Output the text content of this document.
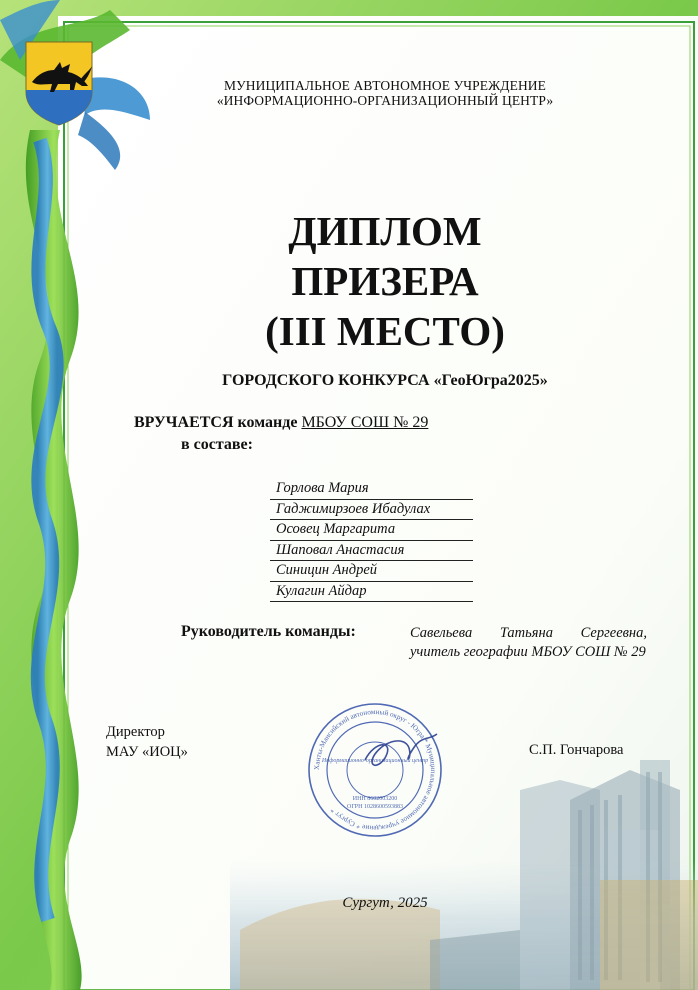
МУНИЦИПАЛЬНОЕ АВТОНОМНОЕ УЧРЕЖДЕНИЕ
«ИНФОРМАЦИОННО-ОРГАНИЗАЦИОННЫЙ ЦЕНТР»
ДИПЛОМ
ПРИЗЕРА
(III МЕСТО)
ГОРОДСКОГО КОНКУРСА «ГеоЮгра2025»
ВРУЧАЕТСЯ команде МБОУ СОШ № 29
в составе:
Горлова Мария
Гаджимирзоев Ибадулах
Осовец Маргарита
Шаповал Анастасия
Синицин Андрей
Кулагин Айдар
Руководитель команды:	Савельева Татьяна Сергеевна, учитель географии МБОУ СОШ № 29
Директор
МАУ «ИОЦ»	С.П. Гончарова
Ханты-Мансийский автономный округ - Югра * Муниципальное автономное учреждение * Сургут *
Информационно-организационный центр
ИНН 8602003200
ОГРН 1028600593883
Сургут, 2025
